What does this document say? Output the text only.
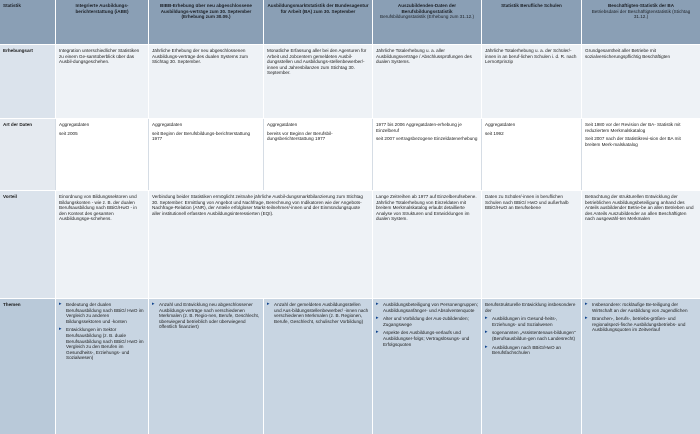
Statistik	Integrierte Ausbildungs-berichterstattung (iABE)
BIBB-Erhebung über neu abgeschlossene Ausbildungs-verträge zum 30. September (Erhebung zum 30.09.)
Ausbildungsmarktstatistik der Bundesagentur für Arbeit (BA) zum 30. September
Auszubildenden-Daten der Berufsbildungsstatistik
Berufsbildungsstatistik (Erhebung zum 31.12.)
Statistik Berufliche Schulen	Beschäftigten-Statistik der BA
Betriebsdatei der Beschäftigtenstatistik (Stichtag 31.12.)
Erhebungsart	Integration unterschiedlicher Statistiken zu einem Ge-samtüberblick über das Ausbil-dungsgeschehen.
Jährliche Erhebung der neu abgeschlossenen Ausbildungs-verträge des dualen Systems zum Stichtag 30. September.
Monatliche Erfassung aller bei den Agenturen für Arbeit und Jobcentern gemeldeten Ausbil-dungsstellen und Ausbildungs-stellenbewerber/-innen und Jahresbilanzen zum Stichtag 30. September.
Jährliche Totalerhebung u. a. aller Ausbildungsverträge / Abschlussprüfungen des dualen Systems.
Jährliche Totalerhebung u. a. der Schüler/-innen in an beruf-lichen Schulen i. d. R. nach Lernortprinzip
Grundgesamtheit aller Betriebe mit sozialversicherungspflichtig Beschäftigten
Art der Daten	Aggregatdaten
seit 2005
Aggregatdaten
seit Beginn der Berufsbildungs-berichterstattung 1977
Aggregatdaten
bereits vor Beginn der Berufsbil-dungsberichterstattung 1977
1977 bis 2006 Aggregatdaten-erhebung je Einzelberuf
seit 2007 vertragsbezogene Einzeldatenerhebung
Aggregatdaten
seit 1992
Seit 1980 vor der Revision der BA- Statistik mit reduziertem Merkmalskatalog
Seit 2007 nach der Statistikrevi-sion der BA mit breitem Merk-malskatalog
Vorteil	Einordnung von Bildungssektoren und Bildungskonten - wie z. B. der dualen Berufsausbildung nach BBiG/HwO - in den Kontext des gesamten Ausbildungsge-schehens.
Verbindung beider Statistiken ermöglicht zeitnahe jährliche Ausbil-dungsmarktbilanzierung zum Stichtag 30. September: Ermittlung von Angebot und Nachfrage, Berechnung von Indikatoren wie der Angebots-Nachfrage-Relation (ANR), der Anteile erfolgloser Markt-teilnehmer/-innen und der Einmündungsquote aller institutionell erfassten Ausbildungsinteressierten (EQI).
Lange Zeitreihen ab 1977 auf Einzelberufsebene. Jährliche Totalerhebung von Einzeldaten mit breitem Merkmalskatalog erlaubt detaillierte Analyse von Strukturen und Entwicklungen im dualen System.
Daten zu Schüler/-innen in beruflichen Schulen nach BBiG/ HwO und außerhalb BBiG/HwO an Berufsebene
Betrachtung der strukturellen Entwicklung der betrieblichen Ausbildungsbeteiligung anhand des Anteils ausbildender Betrie-be an allen Betrieben und des Anteils Auszubildender an allen Beschäftigten nach ausgewähl-ten Merkmalen
Themen
▸	Bedeutung der dualen Berufsausbildung nach BBiG/ HwO im Vergleich zu anderen Bildungssektoren und -konten
▸ Entwicklungen im Sektor Berufsausbildung (z. B. duale Berufsausbildung nach BBiG/ HwO im Vergleich zu den Berufen im Gesundheits-, Erziehungs- und Sozialwesen)
▸ Anzahl und Entwicklung neu abgeschlossener Ausbildungs-verträge nach verschiedenen Merkmalen (z. B. Regio-nen, Berufe, Geschlecht, überwiegend betrieblich oder überwiegend öffentlich finanziert)
▸ Anzahl der gemeldeten Ausbildungsstellen und Aus-bildungsstellenbewerber/ -innen nach verschiedenen Merkmalen (z. B. Regionen, Berufe, Geschlecht, schulischer Vorbildung)
▸ Ausbildungsbeteiligung von Personengruppen; Ausbildungsanfänger- und Absolventenquote
▸ Alter und Vorbildung der Aus-zubildenden; Zugangswege
▸ Aspekte des Ausbildungs-verlaufs und Ausbildungser-folgs; Vertragslösungs- und Erfolgsquoten
Berufsstrukturelle Entwicklung insbesondere der
▸ Ausbildungen im Gesund-heits-, Erziehungs- und Sozialwesen
▸ sogenannten „Assistentenaus-bildungen" (Berufsausbildun-gen nach Landesrecht)
▸ Ausbildungen nach BBiG/HwO an Berufsfachschulen
▸ Insbesondere: rückläufige Be-teiligung der Wirtschaft an der Ausbildung von Jugendlichen
▸ Branchen-, berufs-, betriebs-größen- und regionalspezi-fische Ausbildungsbetriebs- und Ausbildungsquoten im Zeitverlauf
